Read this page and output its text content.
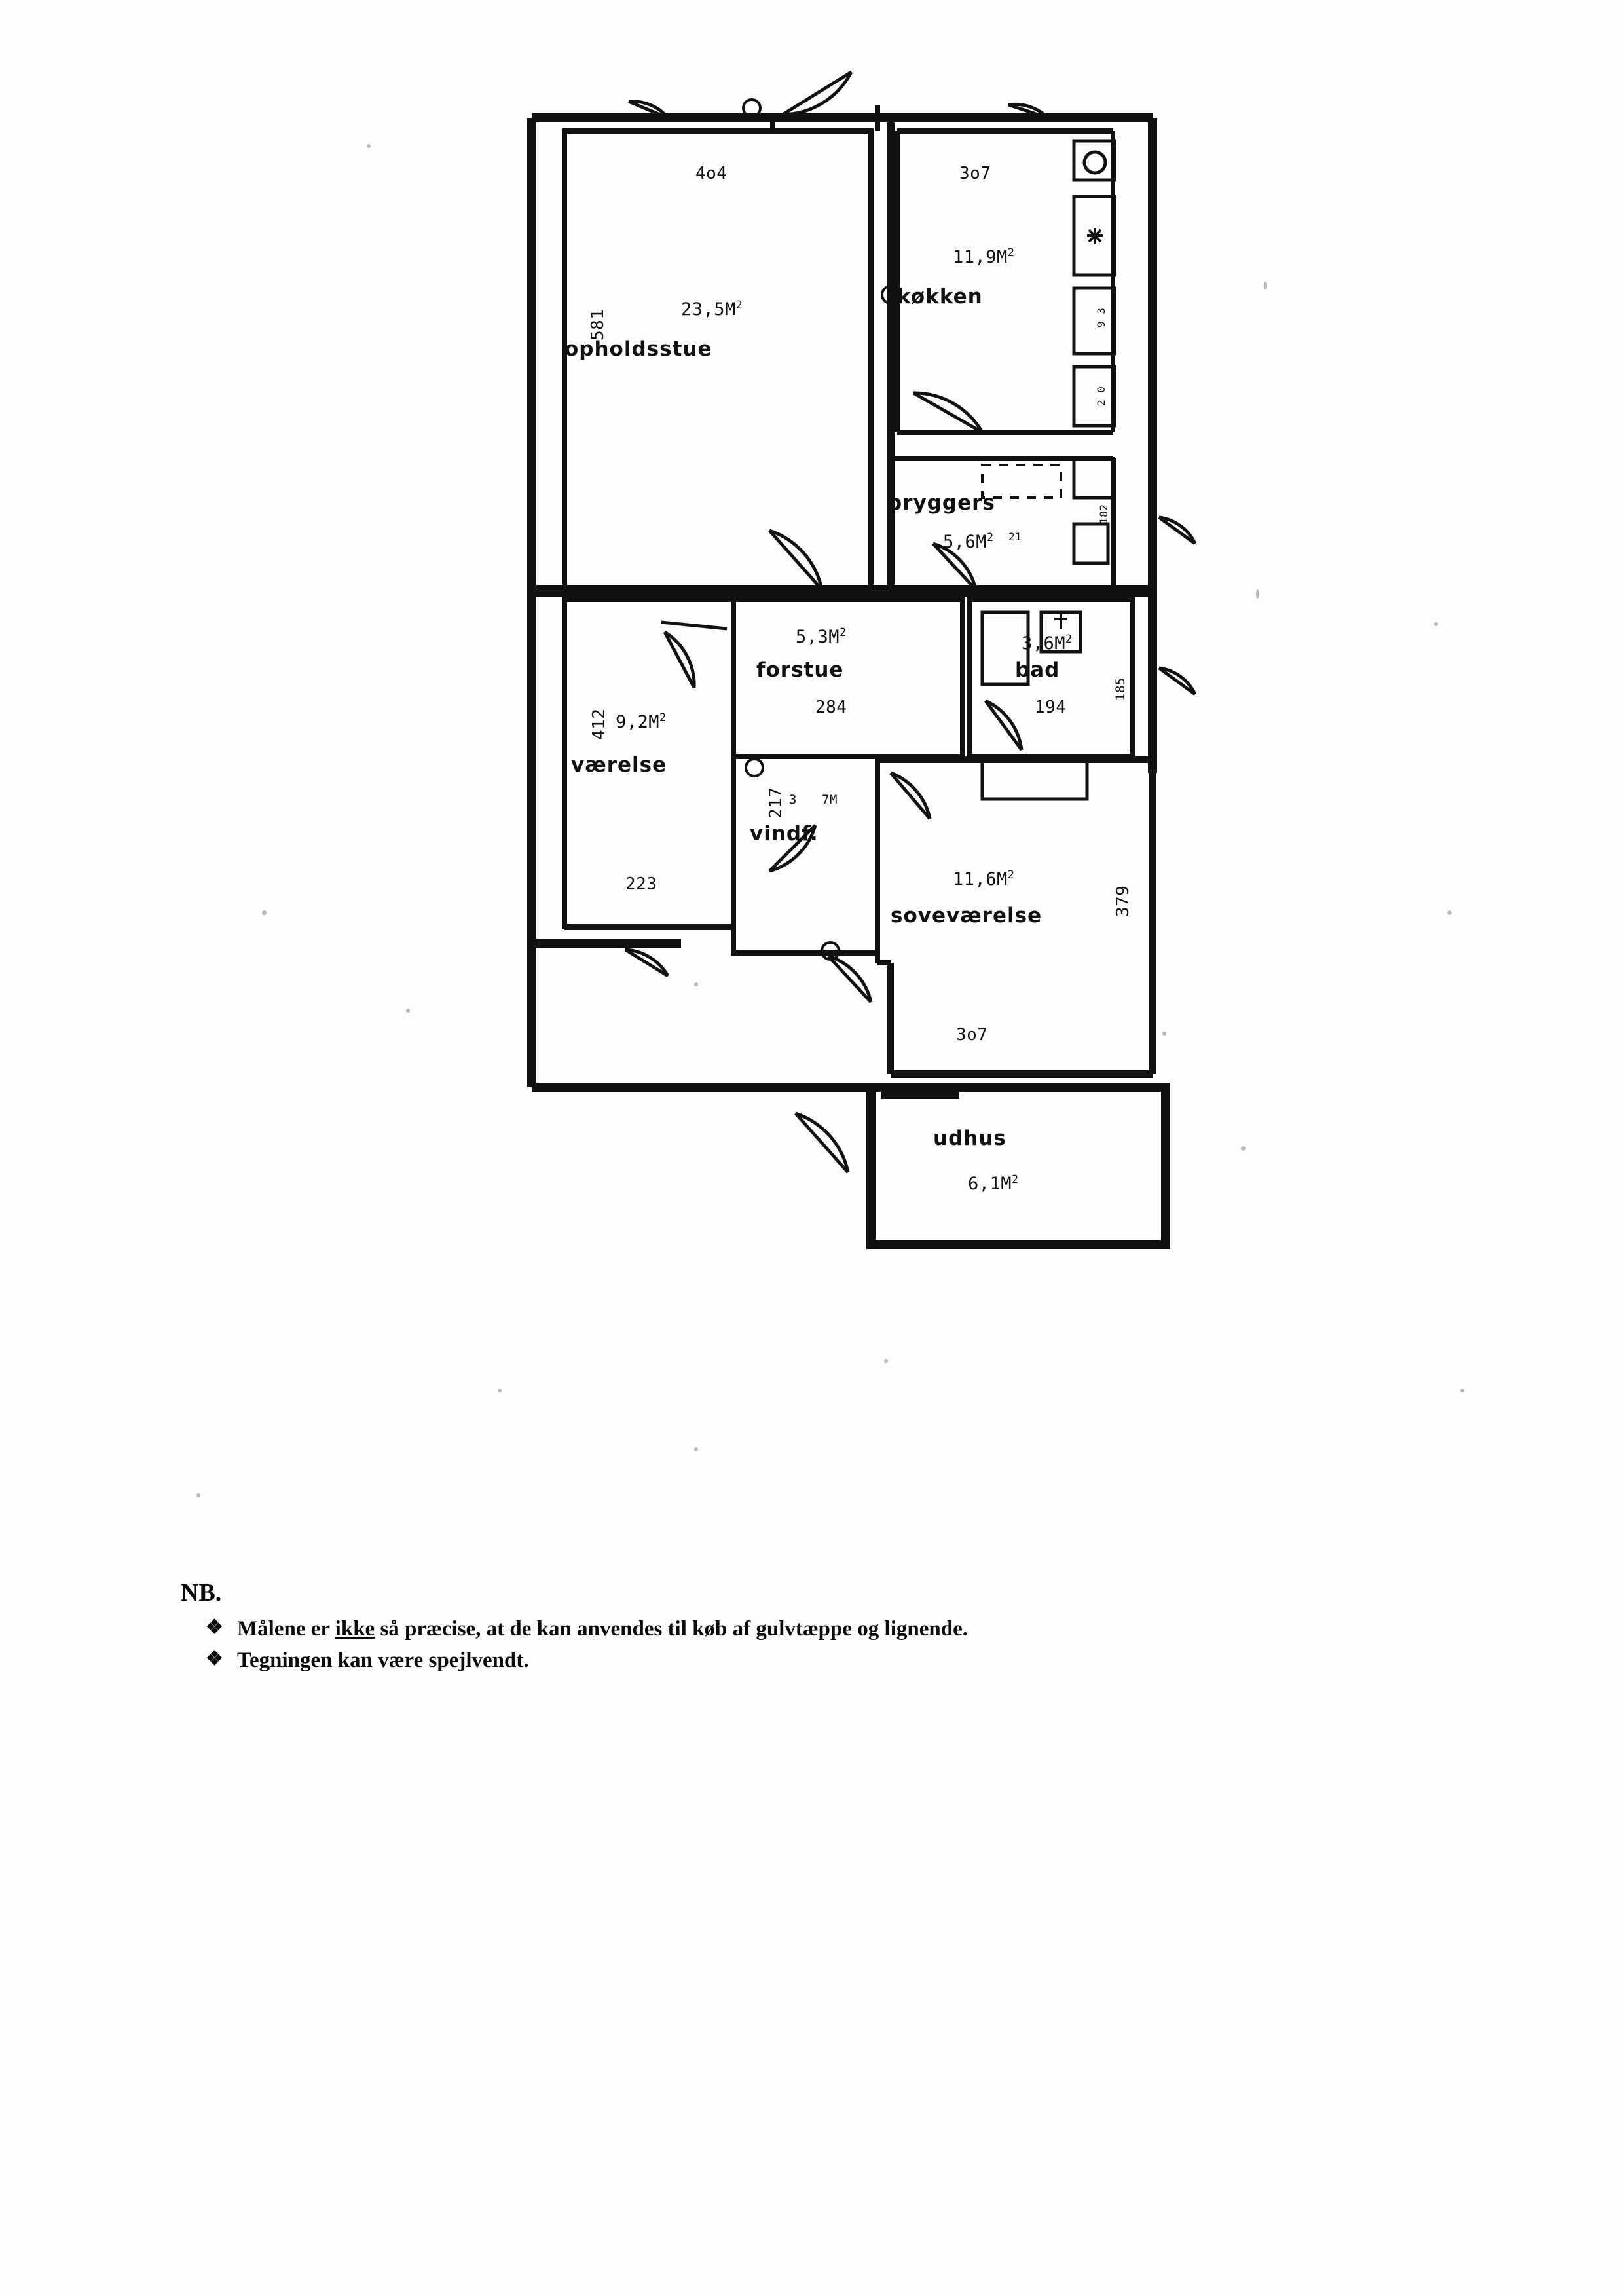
4o4
$23,5M^2$
opholdsstue
581
3o7
$11,9M^2$
køkken
bryggers
$5,6M^2$
$5,3M^2$
forstue
284
$3,6M^2$
bad
194
185
412 $9,2M^2$
værelse
223
217 3 7M
vindf.
$11,6M^2$
soveværelse	379
3o7
udhus
$6,1M^2$
182
9 3
2 0
21

NB.

❖ Målene er ikke så præcise, at de kan anvendes til køb af gulvtæppe og lignende.
❖ Tegningen kan være spejlvendt.
